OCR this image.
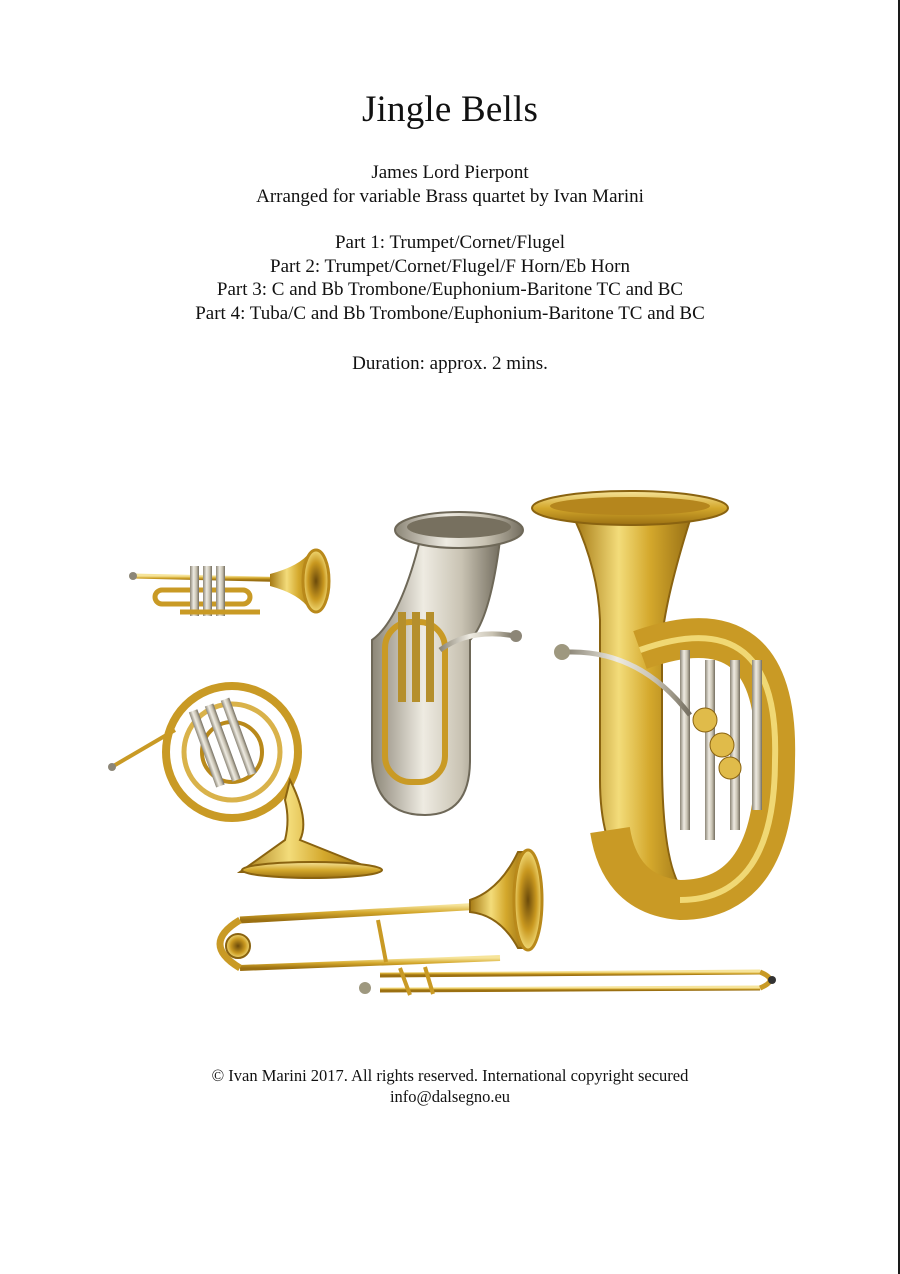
Jingle Bells
James Lord Pierpont
Arranged for variable Brass quartet by Ivan Marini
Part 1: Trumpet/Cornet/Flugel
Part 2: Trumpet/Cornet/Flugel/F Horn/Eb Horn
Part 3: C and Bb Trombone/Euphonium-Baritone TC and BC
Part 4: Tuba/C and Bb Trombone/Euphonium-Baritone TC and BC
Duration: approx. 2 mins.
© Ivan Marini 2017. All rights reserved. International copyright secured
info@dalsegno.eu
